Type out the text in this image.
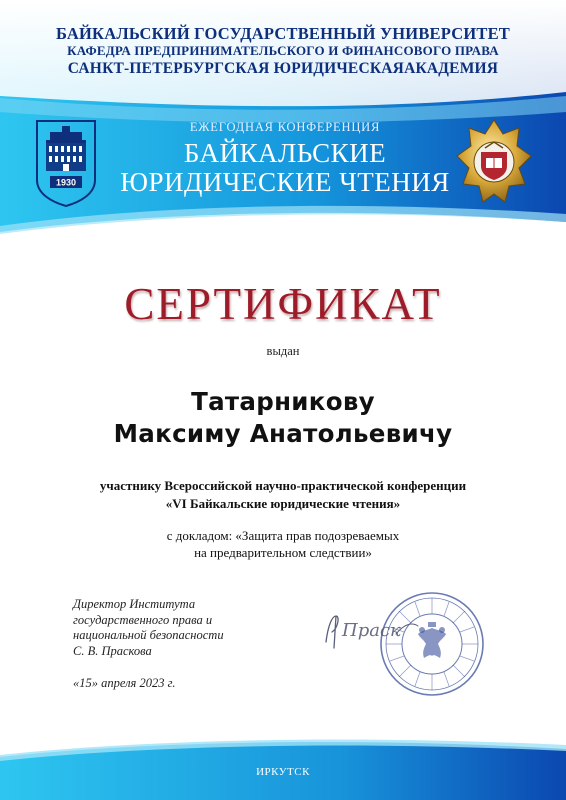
БАЙКАЛЬСКИЙ ГОСУДАРСТВЕННЫЙ УНИВЕРСИТЕТ
КАФЕДРА ПРЕДПРИНИМАТЕЛЬСКОГО И ФИНАНСОВОГО ПРАВА
САНКТ-ПЕТЕРБУРГСКАЯ ЮРИДИЧЕСКАЯАКАДЕМИЯ
1930
ЕЖЕГОДНАЯ КОНФЕРЕНЦИЯ
БАЙКАЛЬСКИЕ
ЮРИДИЧЕСКИЕ ЧТЕНИЯ
СЕРТИФИКАТ
выдан
Татарникову
Максиму Анатольевичу
участнику Всероссийской научно-практической конференции
«VI Байкальские юридические чтения»
с докладом: «Защита прав подозреваемых
на предварительном следствии»
Директор Института
государственного права и
национальной безопасности
С. В. Праскова
«15» апреля 2023 г.
Праск
ИРКУТСК
